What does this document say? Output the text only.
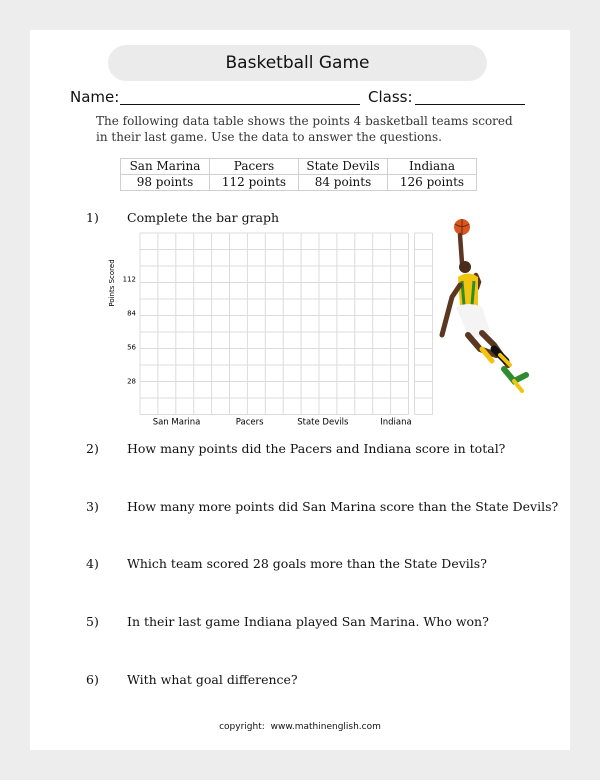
Basketball Game
Name:	Class:
The following data table shows the points 4 basketball teams scored in their last game. Use the data to answer the questions.
San Marina	Pacers	State Devils	Indiana
98 points	112 points	84 points	126 points
1) Complete the bar graph
Points Scored
28
56
84
112
San Marina	Pacers	State Devils	Indiana
2) How many points did the Pacers and Indiana score in total?
3) How many more points did San Marina score than the State Devils?
4) Which team scored 28 goals more than the State Devils?
5) In their last game Indiana played San Marina. Who won?
6) With what goal difference?
copyright: www.mathinenglish.com
